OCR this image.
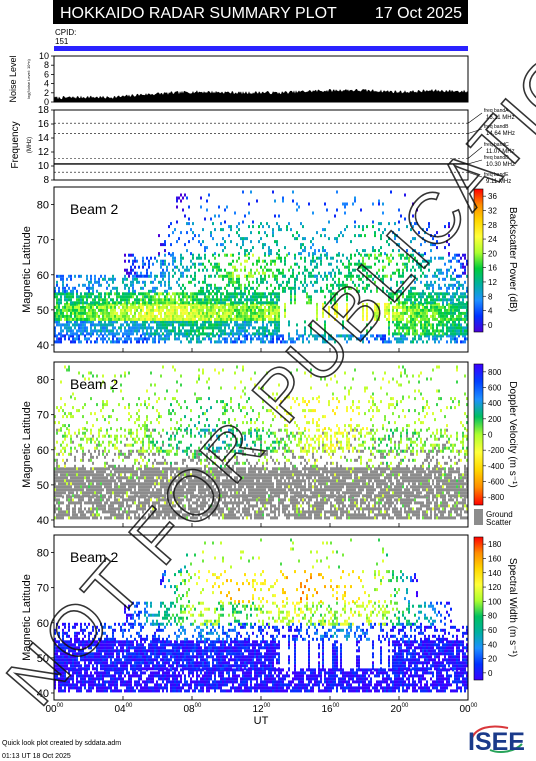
HOKKAIDO RADAR SUMMARY PLOT 17 Oct 2025
CPID:
151
10
8
6
4
2
0
Noise Level log(Noise Level: 10^n)
18
16
14
12
10
8
freq bandA
16.11 MHz
freq bandB
14.64 MHz
freq bandC
11.07 MHz
freq bandD
10.30 MHz
freq bandE
9.11 MHz
Frequency (MHz)
Beam 2
80
70
60
50
40
Magnetic Latitude
36
32
28
24
20
16
12
8
4
0
Backscatter Power (dB)
Beam 2
80
70
60
50
40
Magnetic Latitude
800
600
400
200
0
-200
-400
-600
-800
Ground
Scatter
Doppler Velocity (m s⁻¹)
Beam 2
80
70
60
50
40
Magnetic Latitude
180
160
140
120
100
80
60
40
20
0
Spectral Width (m s⁻¹)
00 00	04 00	08 00	12 00	16 00	20 00	00 00
UT
NOT FOR PUBLICATION
Quick look plot created by sddata.adm
01:13 UT 18 Oct 2025
ISEE
